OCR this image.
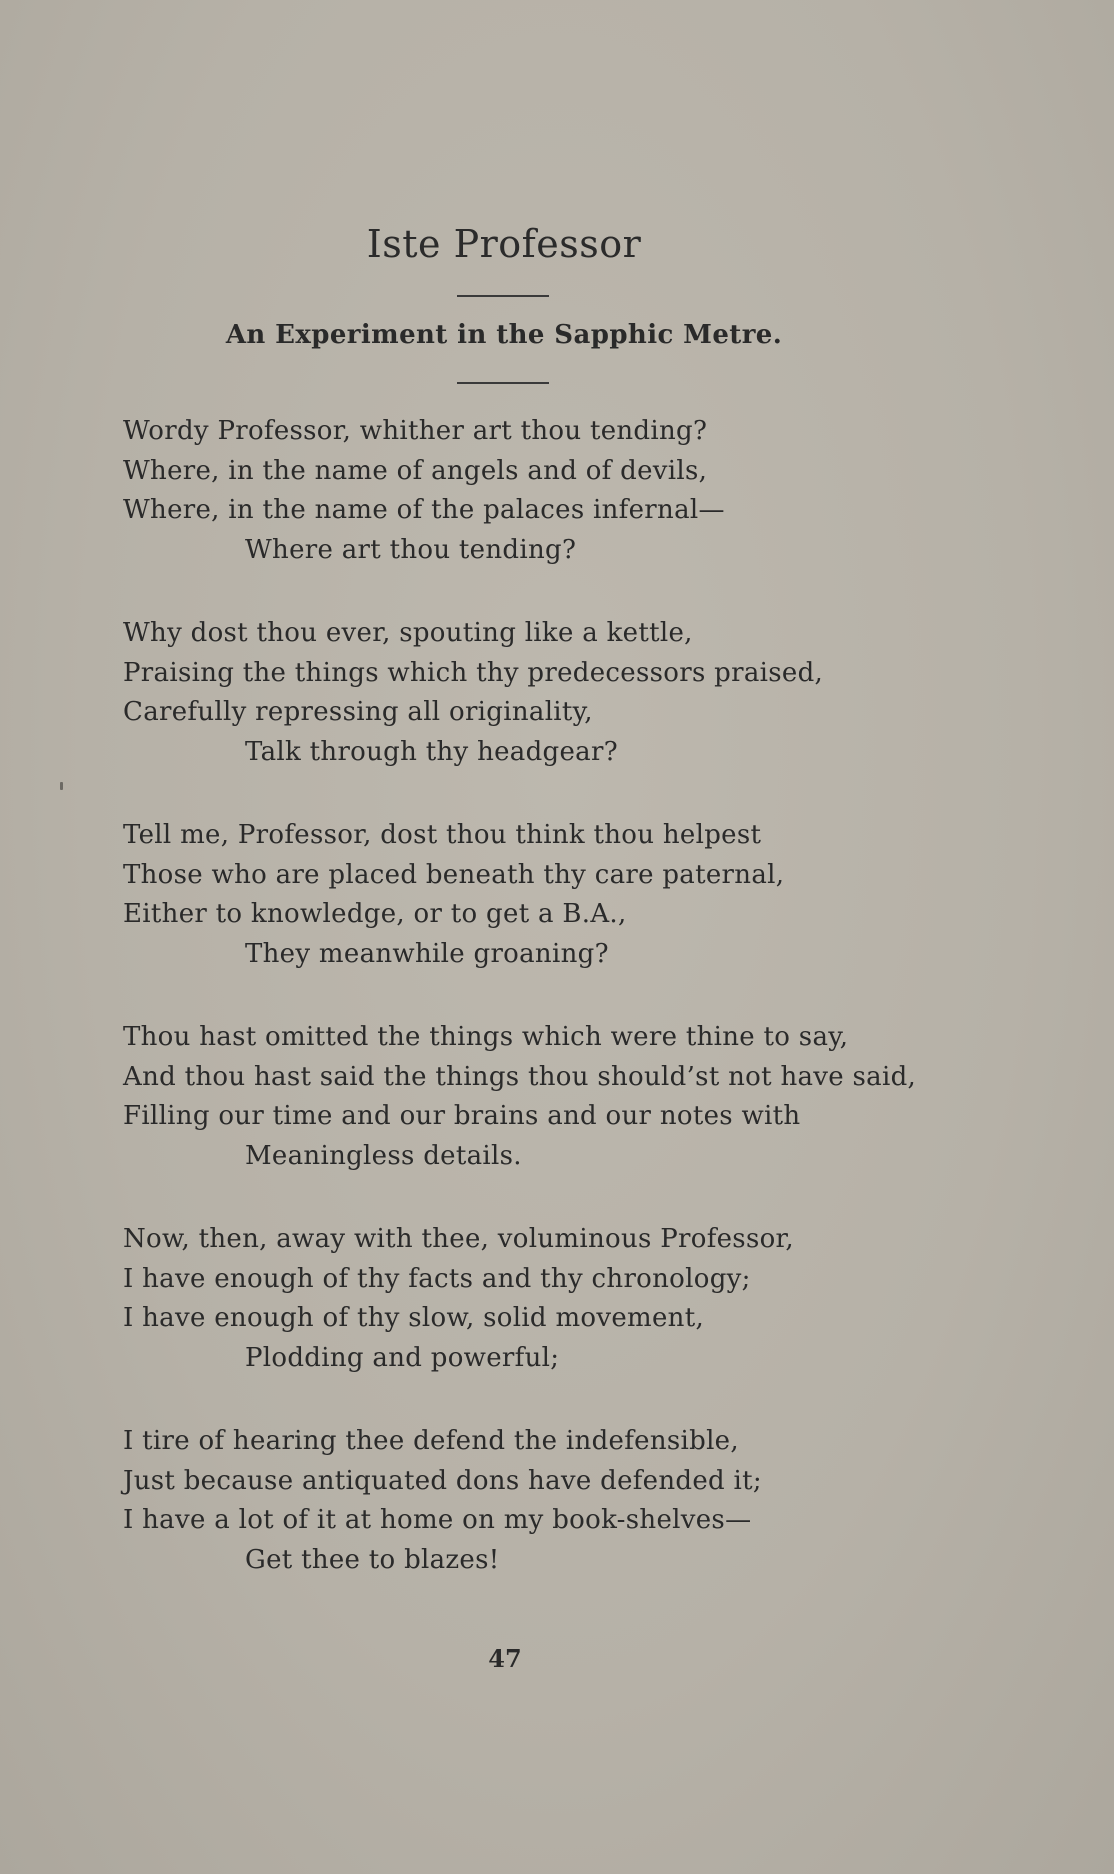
Iste Professor
An Experiment in the Sapphic Metre.
Wordy Professor, whither art thou tending?
Where, in the name of angels and of devils,
Where, in the name of the palaces infernal—
Where art thou tending?
Why dost thou ever, spouting like a kettle,
Praising the things which thy predecessors praised,
Carefully repressing all originality,
Talk through thy headgear?
Tell me, Professor, dost thou think thou helpest
Those who are placed beneath thy care paternal,
Either to knowledge, or to get a B.A.,
They meanwhile groaning?
Thou hast omitted the things which were thine to say,
And thou hast said the things thou should’st not have said,
Filling our time and our brains and our notes with
Meaningless details.
Now, then, away with thee, voluminous Professor,
I have enough of thy facts and thy chronology;
I have enough of thy slow, solid movement,
Plodding and powerful;
I tire of hearing thee defend the indefensible,
Just because antiquated dons have defended it;
I have a lot of it at home on my book-shelves—
Get thee to blazes!
47
